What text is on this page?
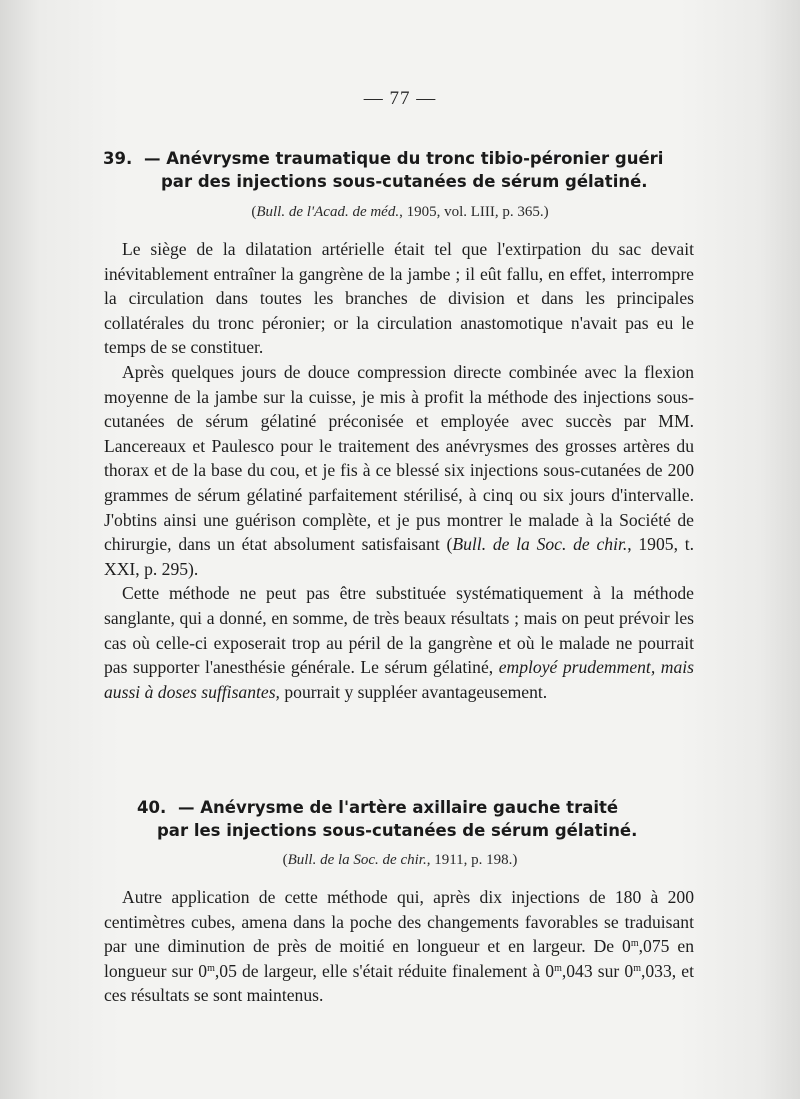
— 77 —
39. — Anévrysme traumatique du tronc tibio-péronier guéri
par des injections sous-cutanées de sérum gélatiné.
(Bull. de l'Acad. de méd., 1905, vol. LIII, p. 365.)

Le siège de la dilatation artérielle était tel que l'extirpation du sac devait inévitablement entraîner la gangrène de la jambe ; il eût fallu, en effet, interrompre la circulation dans toutes les branches de division et dans les principales collatérales du tronc péronier; or la circulation anastomotique n'avait pas eu le temps de se constituer.

Après quelques jours de douce compression directe combinée avec la flexion moyenne de la jambe sur la cuisse, je mis à profit la méthode des injections sous-cutanées de sérum gélatiné préconisée et employée avec succès par MM. Lancereaux et Paulesco pour le traitement des anévrysmes des grosses artères du thorax et de la base du cou, et je fis à ce blessé six injections sous-cutanées de 200 grammes de sérum gélatiné parfaitement stérilisé, à cinq ou six jours d'intervalle. J'obtins ainsi une guérison complète, et je pus montrer le malade à la Société de chirurgie, dans un état absolument satisfaisant (Bull. de la Soc. de chir., 1905, t. XXI, p. 295).

Cette méthode ne peut pas être substituée systématiquement à la méthode sanglante, qui a donné, en somme, de très beaux résultats ; mais on peut prévoir les cas où celle-ci exposerait trop au péril de la gangrène et où le malade ne pourrait pas supporter l'anesthésie générale. Le sérum gélatiné, employé prudemment, mais aussi à doses suffisantes, pourrait y suppléer avantageusement.

40. — Anévrysme de l'artère axillaire gauche traité
par les injections sous-cutanées de sérum gélatiné.
(Bull. de la Soc. de chir., 1911, p. 198.)

Autre application de cette méthode qui, après dix injections de 180 à 200 centimètres cubes, amena dans la poche des changements favorables se traduisant par une diminution de près de moitié en longueur et en largeur. De 0$^m$,075 en longueur sur 0$^m$,05 de largeur, elle s'était réduite finalement à 0$^m$,043 sur 0$^m$,033, et ces résultats se sont maintenus.
